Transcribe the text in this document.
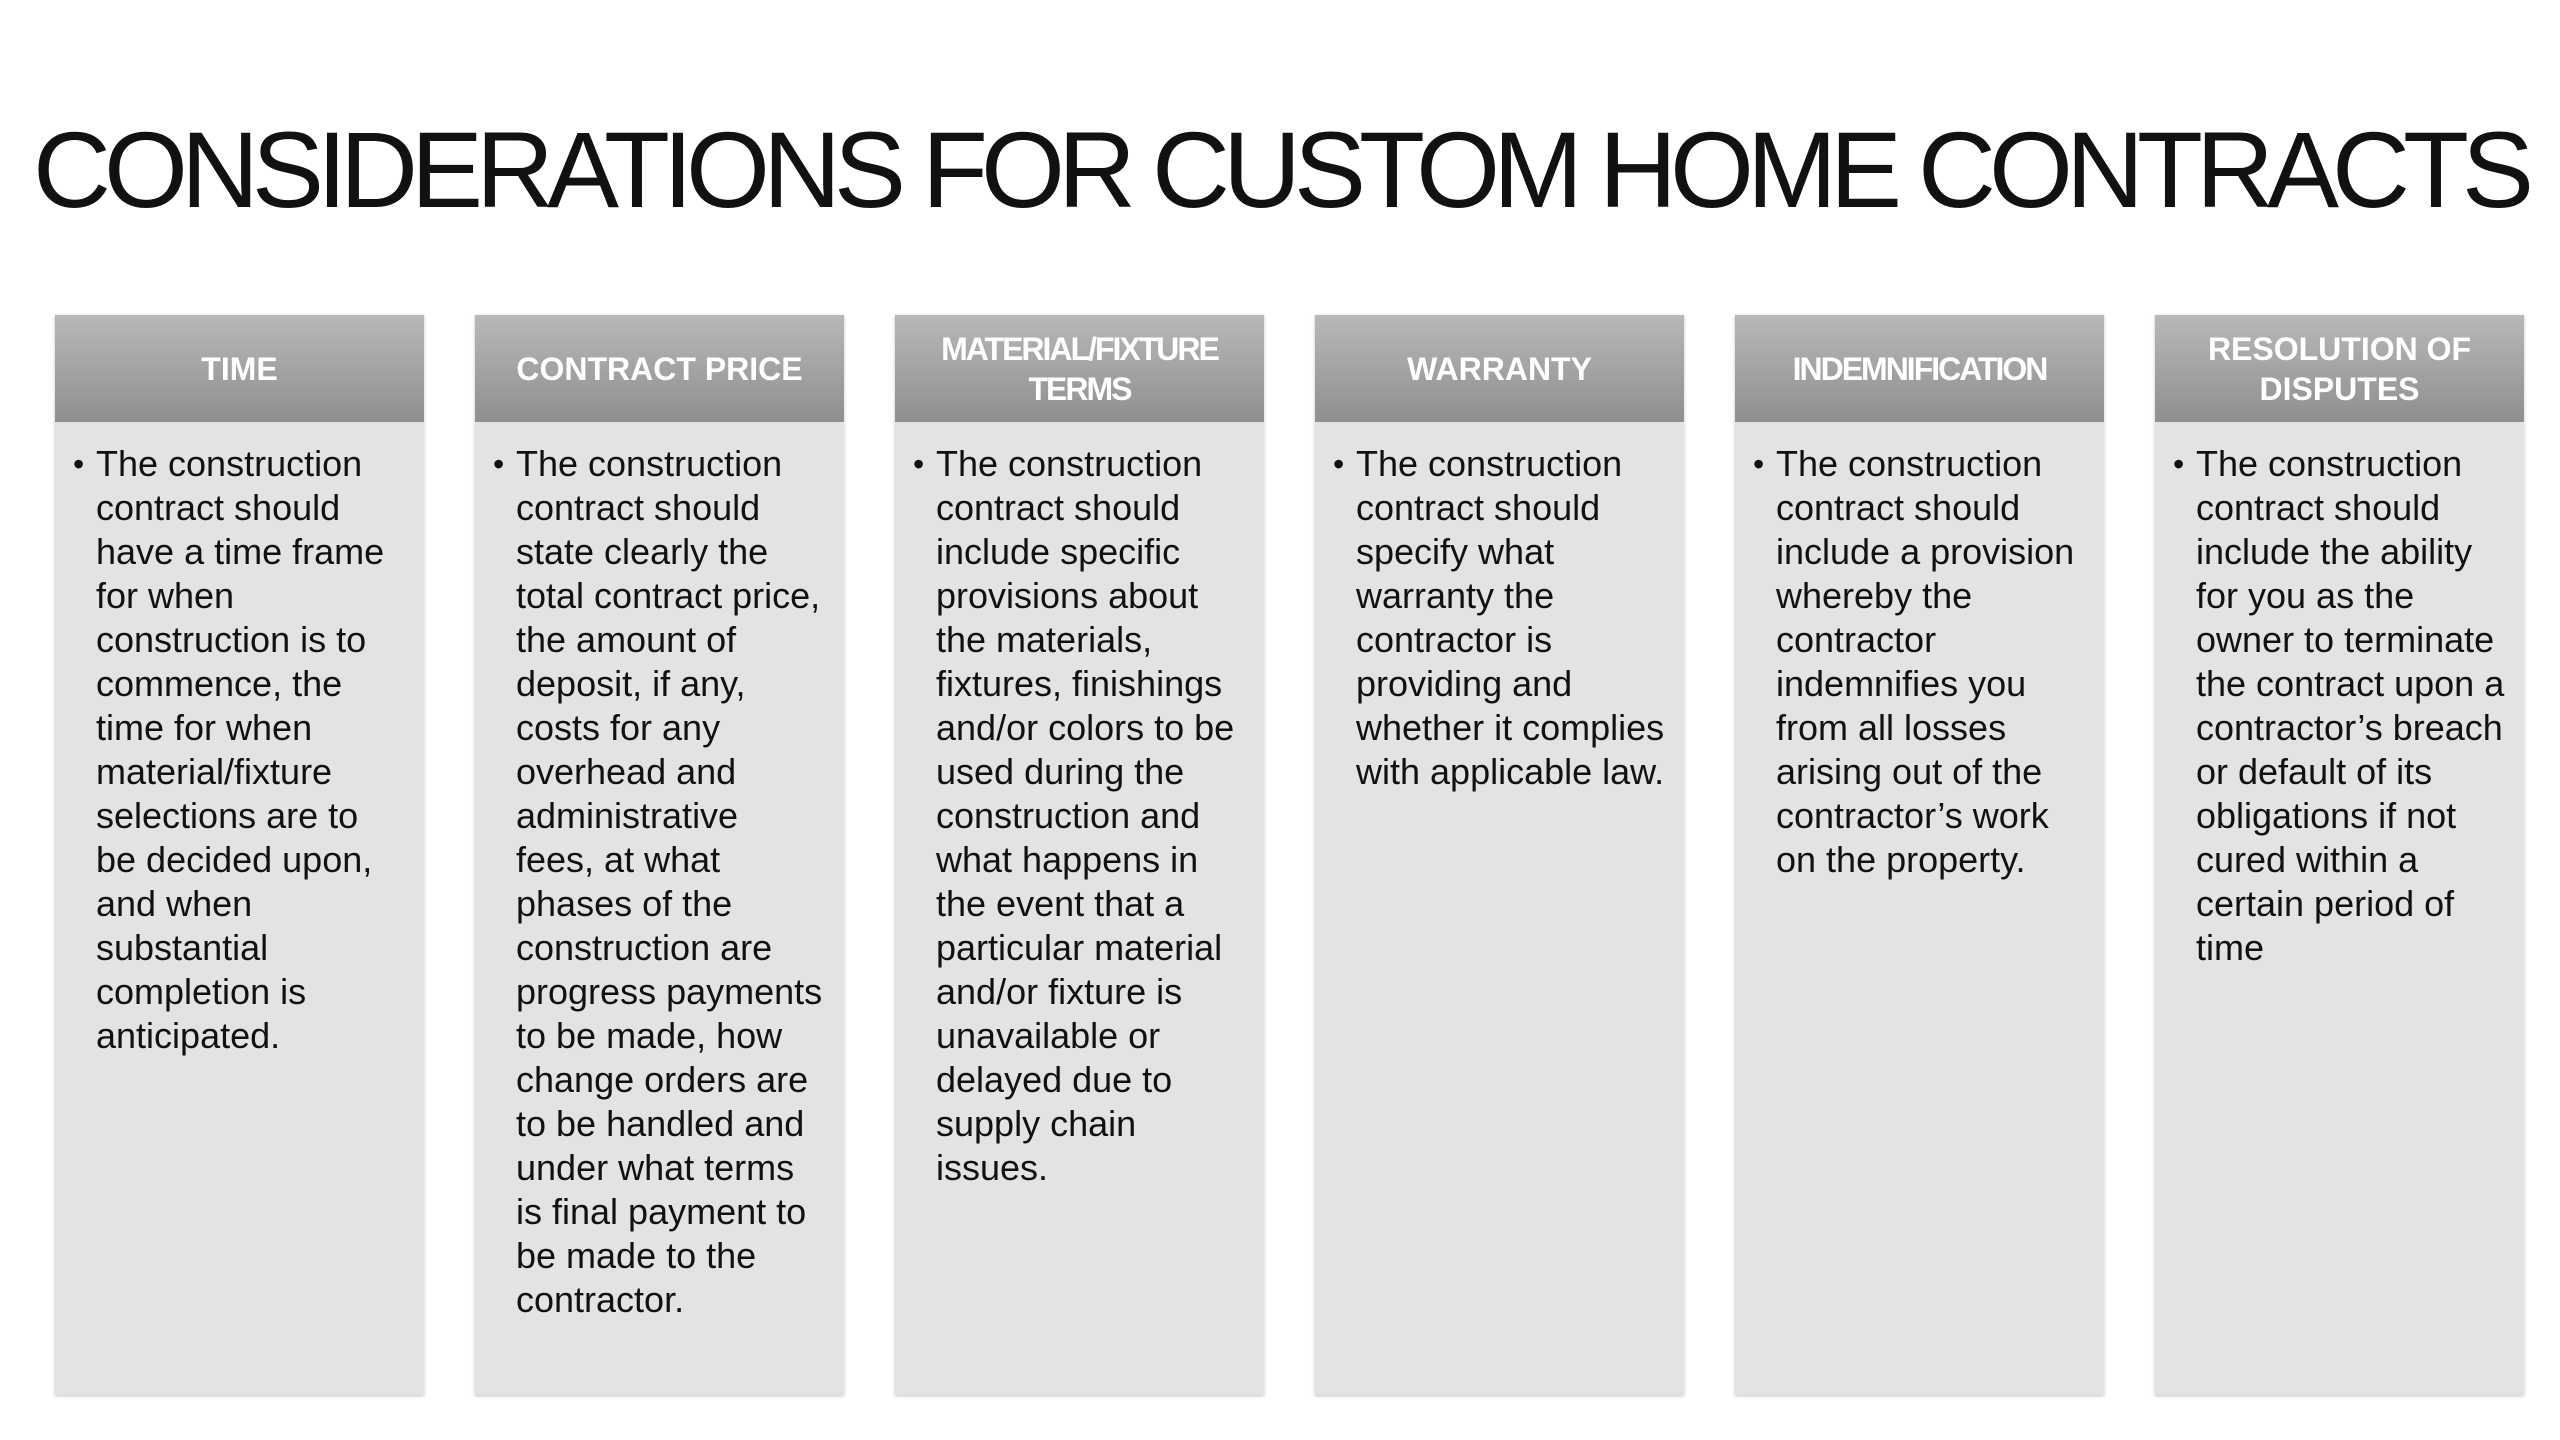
CONSIDERATIONS FOR CUSTOM HOME CONTRACTS
TIME
• The construction contract should have a time frame for when construction is to commence, the time for when material/fixture selections are to be decided upon, and when substantial completion is anticipated.
CONTRACT PRICE
• The construction contract should state clearly the total contract price, the amount of deposit, if any, costs for any overhead and administrative fees, at what phases of the construction are progress payments to be made, how change orders are to be handled and under what terms is final payment to be made to the contractor.
MATERIAL/FIXTURE TERMS
• The construction contract should include specific provisions about the materials, fixtures, finishings and/or colors to be used during the construction and what happens in the event that a particular material and/or fixture is unavailable or delayed due to supply chain issues.
WARRANTY
• The construction contract should specify what warranty the contractor is providing and whether it complies with applicable law.
INDEMNIFICATION
• The construction contract should include a provision whereby the contractor indemnifies you from all losses arising out of the contractor’s work on the property.
RESOLUTION OF DISPUTES
• The construction contract should include the ability for you as the owner to terminate the contract upon a contractor’s breach or default of its obligations if not cured within a certain period of time
